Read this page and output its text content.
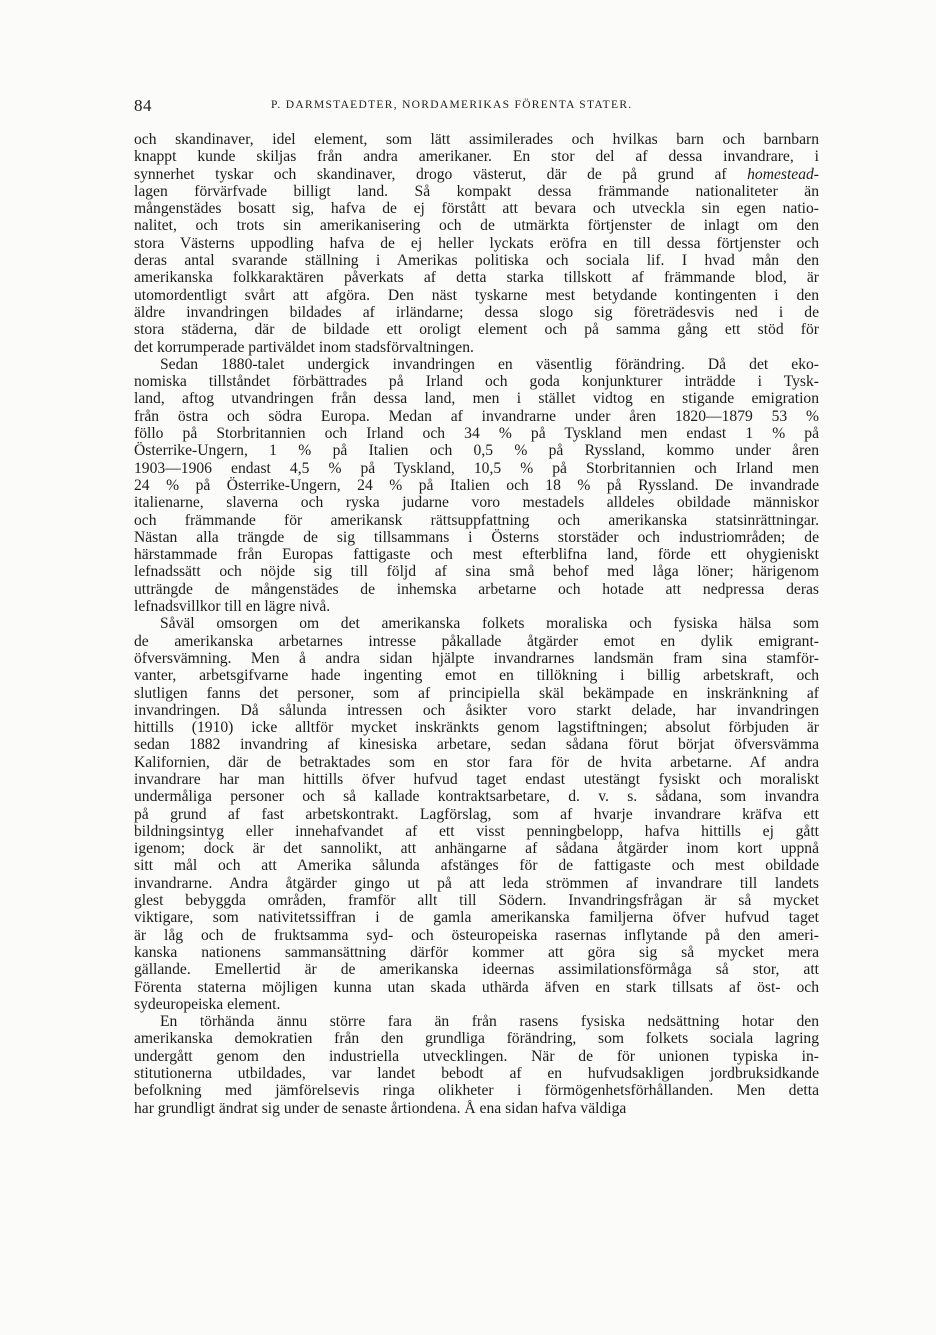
84	P. DARMSTAEDTER, NORDAMERIKAS FÖRENTA STATER.
och skandinaver, idel element, som lätt assimilerades och hvilkas barn och barnbarn
knappt kunde skiljas från andra amerikaner. En stor del af dessa invandrare, i
synnerhet tyskar och skandinaver, drogo västerut, där de på grund af homestead-
lagen förvärfvade billigt land. Så kompakt dessa främmande nationaliteter än
mångenstädes bosatt sig, hafva de ej förstått att bevara och utveckla sin egen natio-
nalitet, och trots sin amerikanisering och de utmärkta förtjenster de inlagt om den
stora Västerns uppodling hafva de ej heller lyckats eröfra en till dessa förtjenster och
deras antal svarande ställning i Amerikas politiska och sociala lif. I hvad mån den
amerikanska folkkaraktären påverkats af detta starka tillskott af främmande blod, är
utomordentligt svårt att afgöra. Den näst tyskarne mest betydande kontingenten i den
äldre invandringen bildades af irländarne; dessa slogo sig företrädesvis ned i de
stora städerna, där de bildade ett oroligt element och på samma gång ett stöd för
det korrumperade partiväldet inom stadsförvaltningen.
Sedan 1880-talet undergick invandringen en väsentlig förändring. Då det eko-
nomiska tillståndet förbättrades på Irland och goda konjunkturer inträdde i Tysk-
land, aftog utvandringen från dessa land, men i stället vidtog en stigande emigration
från östra och södra Europa. Medan af invandrarne under åren 1820—1879 53 %
föllo på Storbritannien och Irland och 34 % på Tyskland men endast 1 % på
Österrike-Ungern, 1 % på Italien och 0,5 % på Ryssland, kommo under åren
1903—1906 endast 4,5 % på Tyskland, 10,5 % på Storbritannien och Irland men
24 % på Österrike-Ungern, 24 % på Italien och 18 % på Ryssland. De invandrade
italienarne, slaverna och ryska judarne voro mestadels alldeles obildade människor
och främmande för amerikansk rättsuppfattning och amerikanska statsinrättningar.
Nästan alla trängde de sig tillsammans i Österns storstäder och industriområden; de
härstammade från Europas fattigaste och mest efterblifna land, förde ett ohygieniskt
lefnadssätt och nöjde sig till följd af sina små behof med låga löner; härigenom
utträngde de mångenstädes de inhemska arbetarne och hotade att nedpressa deras
lefnadsvillkor till en lägre nivå.
Såväl omsorgen om det amerikanska folkets moraliska och fysiska hälsa som
de amerikanska arbetarnes intresse påkallade åtgärder emot en dylik emigrant-
öfversvämning. Men å andra sidan hjälpte invandrarnes landsmän fram sina stamför-
vanter, arbetsgifvarne hade ingenting emot en tillökning i billig arbetskraft, och
slutligen fanns det personer, som af principiella skäl bekämpade en inskränkning af
invandringen. Då sålunda intressen och åsikter voro starkt delade, har invandringen
hittills (1910) icke alltför mycket inskränkts genom lagstiftningen; absolut förbjuden är
sedan 1882 invandring af kinesiska arbetare, sedan sådana förut börjat öfversvämma
Kalifornien, där de betraktades som en stor fara för de hvita arbetarne. Af andra
invandrare har man hittills öfver hufvud taget endast utestängt fysiskt och moraliskt
undermåliga personer och så kallade kontraktsarbetare, d. v. s. sådana, som invandra
på grund af fast arbetskontrakt. Lagförslag, som af hvarje invandrare kräfva ett
bildningsintyg eller innehafvandet af ett visst penningbelopp, hafva hittills ej gått
igenom; dock är det sannolikt, att anhängarne af sådana åtgärder inom kort uppnå
sitt mål och att Amerika sålunda afstänges för de fattigaste och mest obildade
invandrarne. Andra åtgärder gingo ut på att leda strömmen af invandrare till landets
glest bebyggda områden, framför allt till Södern. Invandringsfrågan är så mycket
viktigare, som nativitetssiffran i de gamla amerikanska familjerna öfver hufvud taget
är låg och de fruktsamma syd- och östeuropeiska rasernas inflytande på den ameri-
kanska nationens sammansättning därför kommer att göra sig så mycket mera
gällande. Emellertid är de amerikanska ideernas assimilationsförmåga så stor, att
Förenta staterna möjligen kunna utan skada uthärda äfven en stark tillsats af öst- och
sydeuropeiska element.
En törhända ännu större fara än från rasens fysiska nedsättning hotar den
amerikanska demokratien från den grundliga förändring, som folkets sociala lagring
undergått genom den industriella utvecklingen. När de för unionen typiska in-
stitutionerna utbildades, var landet bebodt af en hufvudsakligen jordbruksidkande
befolkning med jämförelsevis ringa olikheter i förmögenhetsförhållanden. Men detta
har grundligt ändrat sig under de senaste årtiondena. Å ena sidan hafva väldiga
